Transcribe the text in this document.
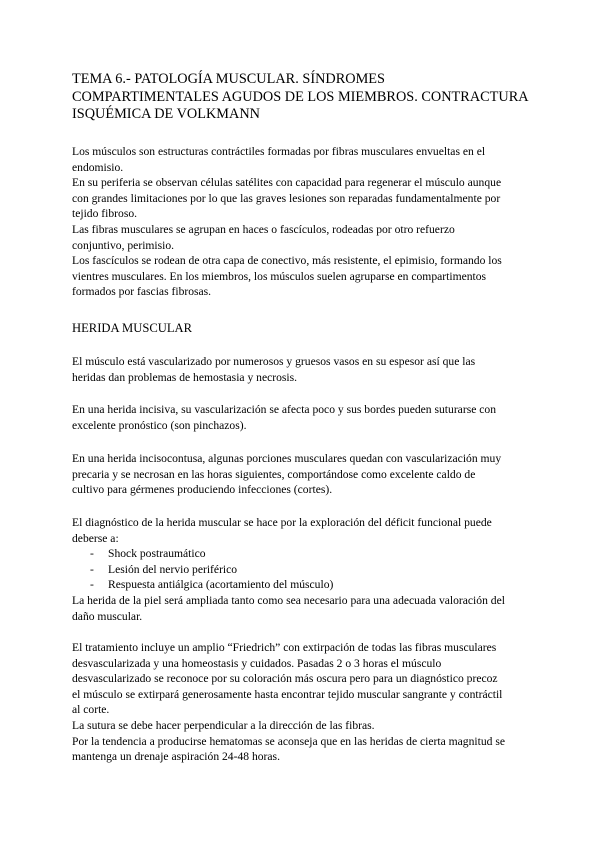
TEMA 6.- PATOLOGÍA MUSCULAR. SÍNDROMES
COMPARTIMENTALES AGUDOS DE LOS MIEMBROS. CONTRACTURA
ISQUÉMICA DE VOLKMANN

Los músculos son estructuras contráctiles formadas por fibras musculares envueltas en el
endomisio.
En su periferia se observan células satélites con capacidad para regenerar el músculo aunque
con grandes limitaciones por lo que las graves lesiones son reparadas fundamentalmente por
tejido fibroso.
Las fibras musculares se agrupan en haces o fascículos, rodeadas por otro refuerzo
conjuntivo, perimisio.
Los fascículos se rodean de otra capa de conectivo, más resistente, el epimisio, formando los
vientres musculares. En los miembros, los músculos suelen agruparse en compartimentos
formados por fascias fibrosas.

HERIDA MUSCULAR

El músculo está vascularizado por numerosos y gruesos vasos en su espesor así que las
heridas dan problemas de hemostasia y necrosis.

En una herida incisiva, su vascularización se afecta poco y sus bordes pueden suturarse con
excelente pronóstico (son pinchazos).

En una herida incisocontusa, algunas porciones musculares quedan con vascularización muy
precaria y se necrosan en las horas siguientes, comportándose como excelente caldo de
cultivo para gérmenes produciendo infecciones (cortes).

El diagnóstico de la herida muscular se hace por la exploración del déficit funcional puede
deberse a:

- Shock postraumático
- Lesión del nervio periférico
- Respuesta antiálgica (acortamiento del músculo)

La herida de la piel será ampliada tanto como sea necesario para una adecuada valoración del
daño muscular.

El tratamiento incluye un amplio “Friedrich” con extirpación de todas las fibras musculares
desvascularizada y una homeostasis y cuidados. Pasadas 2 o 3 horas el músculo
desvascularizado se reconoce por su coloración más oscura pero para un diagnóstico precoz
el músculo se extirpará generosamente hasta encontrar tejido muscular sangrante y contráctil
al corte.
La sutura se debe hacer perpendicular a la dirección de las fibras.
Por la tendencia a producirse hematomas se aconseja que en las heridas de cierta magnitud se
mantenga un drenaje aspiración 24-48 horas.
